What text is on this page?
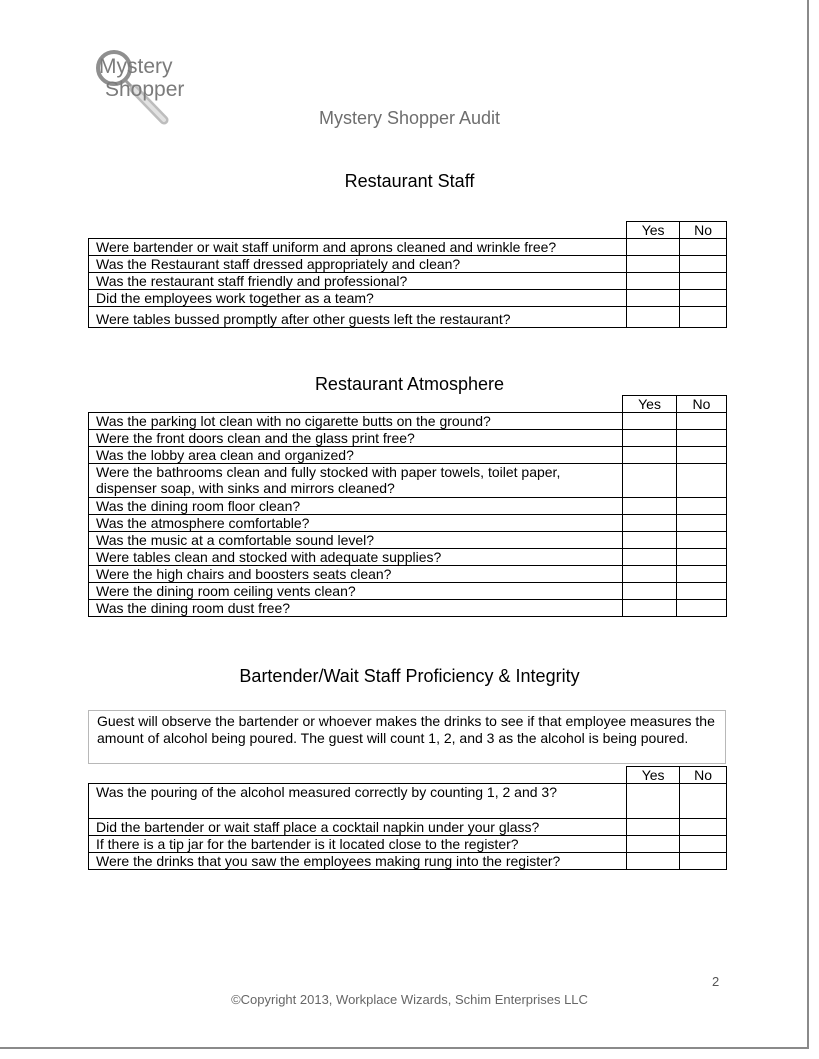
Mystery
Shopper
Mystery Shopper Audit
Restaurant Staff
	Yes	No
Were bartender or wait staff uniform and aprons cleaned and wrinkle free?		
Was the Restaurant staff dressed appropriately and clean?		
Was the restaurant staff friendly and professional?		
Did the employees work together as a team?		
Were tables bussed promptly after other guests left the restaurant?		
Restaurant Atmosphere
	Yes	No
Was the parking lot clean with no cigarette butts on the ground?		
Were the front doors clean and the glass print free?		
Was the lobby area clean and organized?		
Were the bathrooms clean and fully stocked with paper towels, toilet paper, dispenser soap, with sinks and mirrors cleaned?		
Was the dining room floor clean?		
Was the atmosphere comfortable?		
Was the music at a comfortable sound level?		
Were tables clean and stocked with adequate supplies?		
Were the high chairs and boosters seats clean?		
Were the dining room ceiling vents clean?		
Was the dining room dust free?		
Bartender/Wait Staff Proficiency & Integrity
Guest will observe the bartender or whoever makes the drinks to see if that employee measures the amount of alcohol being poured. The guest will count 1, 2, and 3 as the alcohol is being poured.
	Yes	No
Was the pouring of the alcohol measured correctly by counting 1, 2 and 3?		
Did the bartender or wait staff place a cocktail napkin under your glass?		
If there is a tip jar for the bartender is it located close to the register?		
Were the drinks that you saw the employees making rung into the register?		
2
©Copyright 2013, Workplace Wizards, Schim Enterprises LLC
